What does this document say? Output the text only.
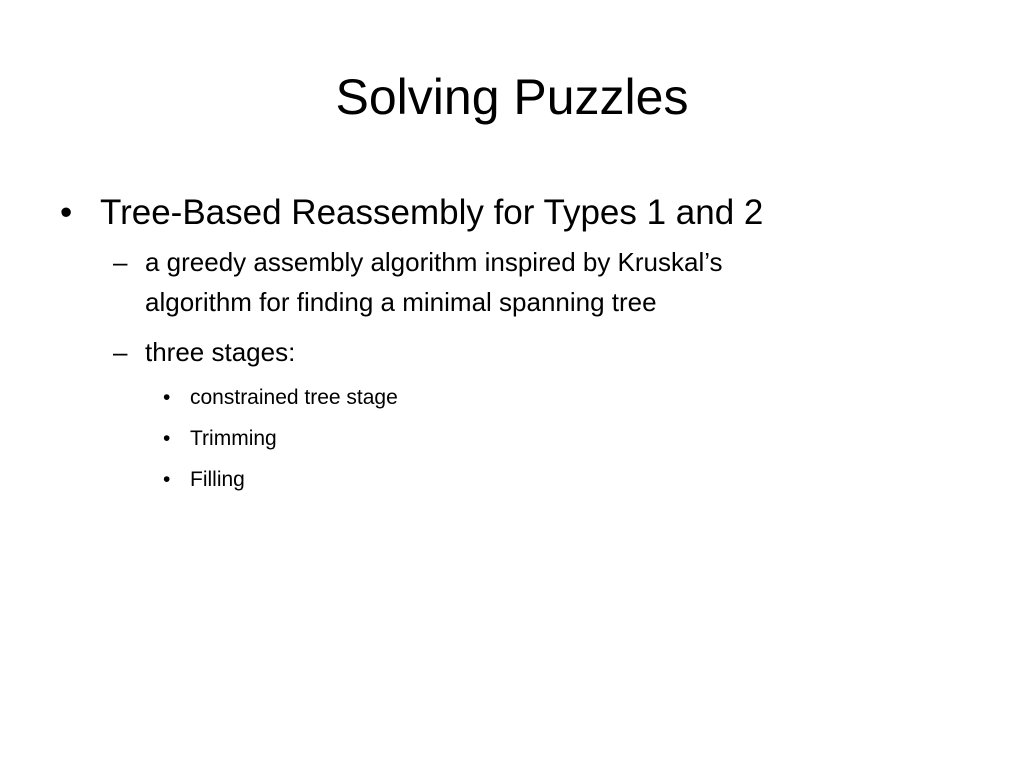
Solving Puzzles
• Tree-Based Reassembly for Types 1 and 2
– a greedy assembly algorithm inspired by Kruskal’s
algorithm for finding a minimal spanning tree
– three stages:
• constrained tree stage
• Trimming
• Filling
